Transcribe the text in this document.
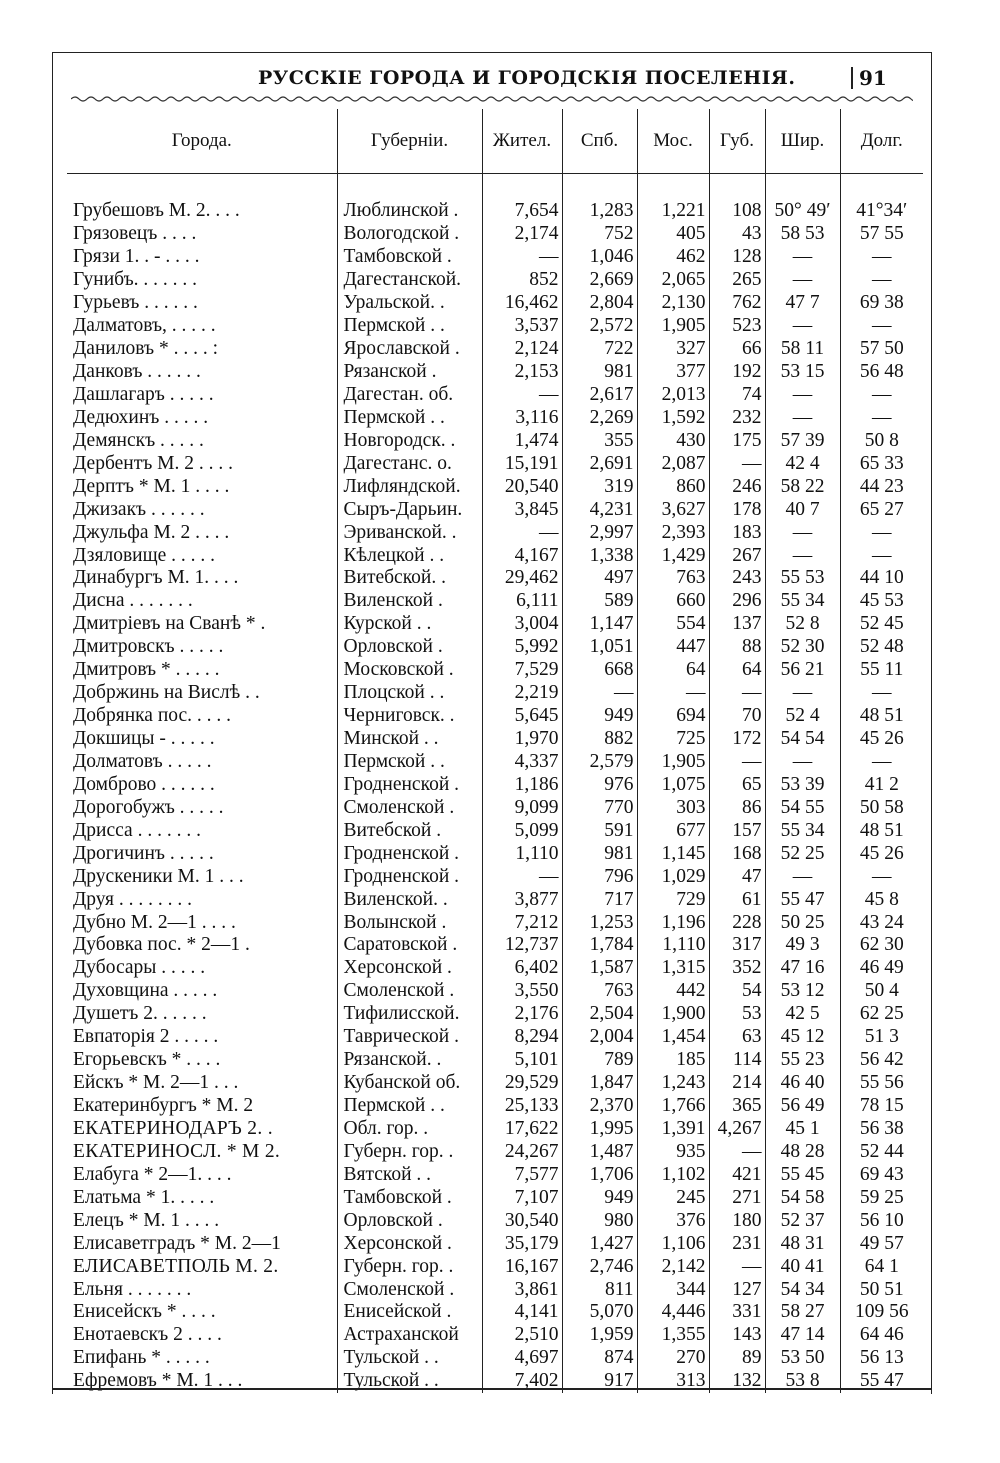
РУССКІЕ ГОРОДА И ГОРОДСКІЯ ПОСЕЛЕНІЯ.	91
Города.	Губерніи.	Жител.	Спб.	Мос.	Губ.	Шир.	Долг.
Грубешовъ М. 2. . . .	Люблинской .	7,654	1,283	1,221	108	50° 49′	41°34′
Грязовецъ . . . .	Вологодской .	2,174	752	405	43	58 53	57 55
Грязи 1. . - . . . .	Тамбовской .	—	1,046	462	128	—	—
Гунибъ. . . . . . .	Дагестанской.	852	2,669	2,065	265	—	—
Гурьевъ . . . . . .	Уральской. .	16,462	2,804	2,130	762	47 7	69 38
Далматовъ, . . . . .	Пермской . .	3,537	2,572	1,905	523	—	—
Даниловъ * . . . . :	Ярославской .	2,124	722	327	66	58 11	57 50
Данковъ . . . . . .	Рязанской .	2,153	981	377	192	53 15	56 48
Дашлагаръ . . . . .	Дагестан. об.	—	2,617	2,013	74	—	—
Дедюхинъ . . . . .	Пермской . .	3,116	2,269	1,592	232	—	—
Демянскъ . . . . .	Новгородск. .	1,474	355	430	175	57 39	50 8
Дербентъ М. 2 . . . .	Дагестанс. о.	15,191	2,691	2,087	—	42 4	65 33
Дерптъ * М. 1 . . . .	Лифляндской.	20,540	319	860	246	58 22	44 23
Джизакъ . . . . . .	Сыръ-Дарьин.	3,845	4,231	3,627	178	40 7	65 27
Джульфа М. 2 . . . .	Эриванской. .	—	2,997	2,393	183	—	—
Дзяловище . . . . .	Кѣлецкой . .	4,167	1,338	1,429	267	—	—
Динабургъ М. 1. . . .	Витебской. .	29,462	497	763	243	55 53	44 10
Дисна . . . . . . .	Виленской .	6,111	589	660	296	55 34	45 53
Дмитріевъ на Сванѣ * .	Курской . .	3,004	1,147	554	137	52 8	52 45
Дмитровскъ . . . . .	Орловской .	5,992	1,051	447	88	52 30	52 48
Дмитровъ * . . . . .	Московской .	7,529	668	64	64	56 21	55 11
Добржинь на Вислѣ . .	Плоцской . .	2,219	—	—	—	—	—
Добрянка пос. . . . .	Черниговск. .	5,645	949	694	70	52 4	48 51
Докшицы - . . . . .	Минской . .	1,970	882	725	172	54 54	45 26
Долматовъ . . . . .	Пермской . .	4,337	2,579	1,905	—	—	—
Домброво . . . . . .	Гродненской .	1,186	976	1,075	65	53 39	41 2
Дорогобужъ . . . . .	Смоленской .	9,099	770	303	86	54 55	50 58
Дрисса . . . . . . .	Витебской .	5,099	591	677	157	55 34	48 51
Дрогичинъ . . . . .	Гродненской .	1,110	981	1,145	168	52 25	45 26
Друскеники М. 1 . . .	Гродненской .	—	796	1,029	47	—	—
Друя . . . . . . . .	Виленской. .	3,877	717	729	61	55 47	45 8
Дубно М. 2—1 . . . .	Волынской .	7,212	1,253	1,196	228	50 25	43 24
Дубовка пос. * 2—1 .	Саратовской .	12,737	1,784	1,110	317	49 3	62 30
Дубосары . . . . .	Херсонской .	6,402	1,587	1,315	352	47 16	46 49
Духовщина . . . . .	Смоленской .	3,550	763	442	54	53 12	50 4
Душетъ 2. . . . . .	Тифилисской.	2,176	2,504	1,900	53	42 5	62 25
Евпаторія 2 . . . . .	Таврической .	8,294	2,004	1,454	63	45 12	51 3
Егорьевскъ * . . . .	Рязанской. .	5,101	789	185	114	55 23	56 42
Ейскъ * М. 2—1 . . .	Кубанской об.	29,529	1,847	1,243	214	46 40	55 56
Екатеринбургъ * М. 2	Пермской . .	25,133	2,370	1,766	365	56 49	78 15
ЕКАТЕРИНОДАРЪ 2. .	Обл. гор. .	17,622	1,995	1,391	4,267	45 1	56 38
ЕКАТЕРИНОСЛ. * М 2.	Губерн. гор. .	24,267	1,487	935	—	48 28	52 44
Елабуга * 2—1. . . .	Вятской . .	7,577	1,706	1,102	421	55 45	69 43
Елатьма * 1. . . . .	Тамбовской .	7,107	949	245	271	54 58	59 25
Елецъ * М. 1 . . . .	Орловской .	30,540	980	376	180	52 37	56 10
Елисаветградъ * М. 2—1	Херсонской .	35,179	1,427	1,106	231	48 31	49 57
ЕЛИСАВЕТПОЛЬ М. 2.	Губерн. гор. .	16,167	2,746	2,142	—	40 41	64 1
Ельня . . . . . . .	Смоленской .	3,861	811	344	127	54 34	50 51
Енисейскъ * . . . .	Енисейской .	4,141	5,070	4,446	331	58 27	109 56
Енотаевскъ 2 . . . .	Астраханской	2,510	1,959	1,355	143	47 14	64 46
Епифань * . . . . .	Тульской . .	4,697	874	270	89	53 50	56 13
Ефремовъ * М. 1 . . .	Тульской . .	7,402	917	313	132	53 8	55 47
